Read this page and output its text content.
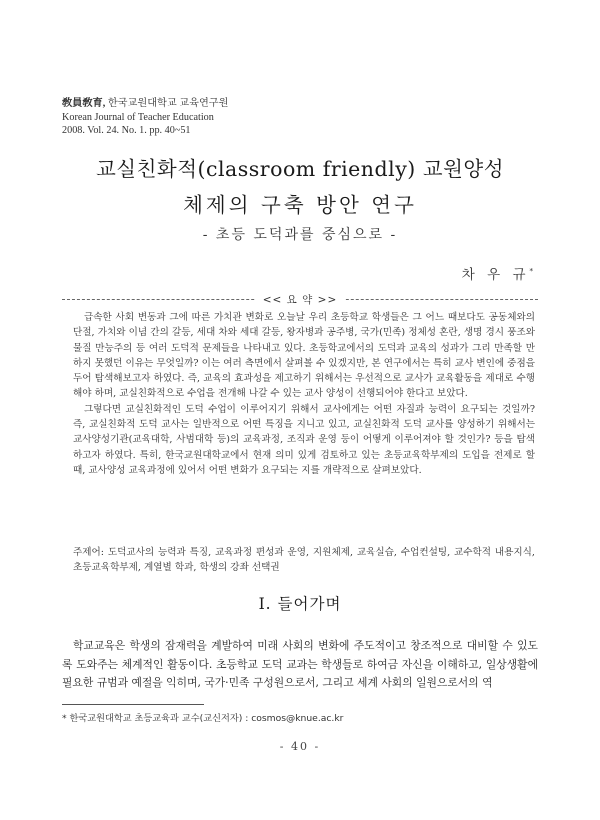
敎員敎育, 한국교원대학교 교육연구원
Korean Journal of Teacher Education
2008. Vol. 24. No. 1. pp. 40~51
교실친화적(classroom friendly) 교원양성
체제의 구축 방안 연구
- 초등 도덕과를 중심으로 -
차 우 규*
<< 요 약 >>

급속한 사회 변동과 그에 따른 가치관 변화로 오늘날 우리 초등학교 학생들은 그 어느 때보다도 공동체와의 단절, 가치와 이념 간의 갈등, 세대 차와 세대 갈등, 왕자병과 공주병, 국가(민족) 정체성 혼란, 생명 경시 풍조와 물질 만능주의 등 여러 도덕적 문제들을 나타내고 있다. 초등학교에서의 도덕과 교육의 성과가 그리 만족할 만하지 못했던 이유는 무엇일까? 이는 여러 측면에서 살펴볼 수 있겠지만, 본 연구에서는 특히 교사 변인에 중점을 두어 탐색해보고자 하였다. 즉, 교육의 효과성을 제고하기 위해서는 우선적으로 교사가 교육활동을 제대로 수행해야 하며, 교실친화적으로 수업을 전개해 나갈 수 있는 교사 양성이 선행되어야 한다고 보았다.

그렇다면 교실친화적인 도덕 수업이 이루어지기 위해서 교사에게는 어떤 자질과 능력이 요구되는 것일까? 즉, 교실친화적 도덕 교사는 일반적으로 어떤 특징을 지니고 있고, 교실친화적 도덕 교사를 양성하기 위해서는 교사양성기관(교육대학, 사범대학 등)의 교육과정, 조직과 운영 등이 어떻게 이루어져야 할 것인가? 등을 탐색하고자 하였다. 특히, 한국교원대학교에서 현재 의미 있게 검토하고 있는 초등교육학부제의 도입을 전제로 할 때, 교사양성 교육과정에 있어서 어떤 변화가 요구되는 지를 개략적으로 살펴보았다.

주제어: 도덕교사의 능력과 특징, 교육과정 편성과 운영, 지원체제, 교육실습, 수업컨설팅, 교수학적 내용지식, 초등교육학부제, 계열별 학과, 학생의 강좌 선택권
Ⅰ. 들어가며

학교교육은 학생의 잠재력을 계발하여 미래 사회의 변화에 주도적이고 창조적으로 대비할 수 있도록 도와주는 체계적인 활동이다. 초등학교 도덕 교과는 학생들로 하여금 자신을 이해하고, 일상생활에 필요한 규범과 예절을 익히며, 국가·민족 구성원으로서, 그리고 세계 사회의 일원으로서의 역

* 한국교원대학교 초등교육과 교수(교신저자) : cosmos@knue.ac.kr
- 40 -
